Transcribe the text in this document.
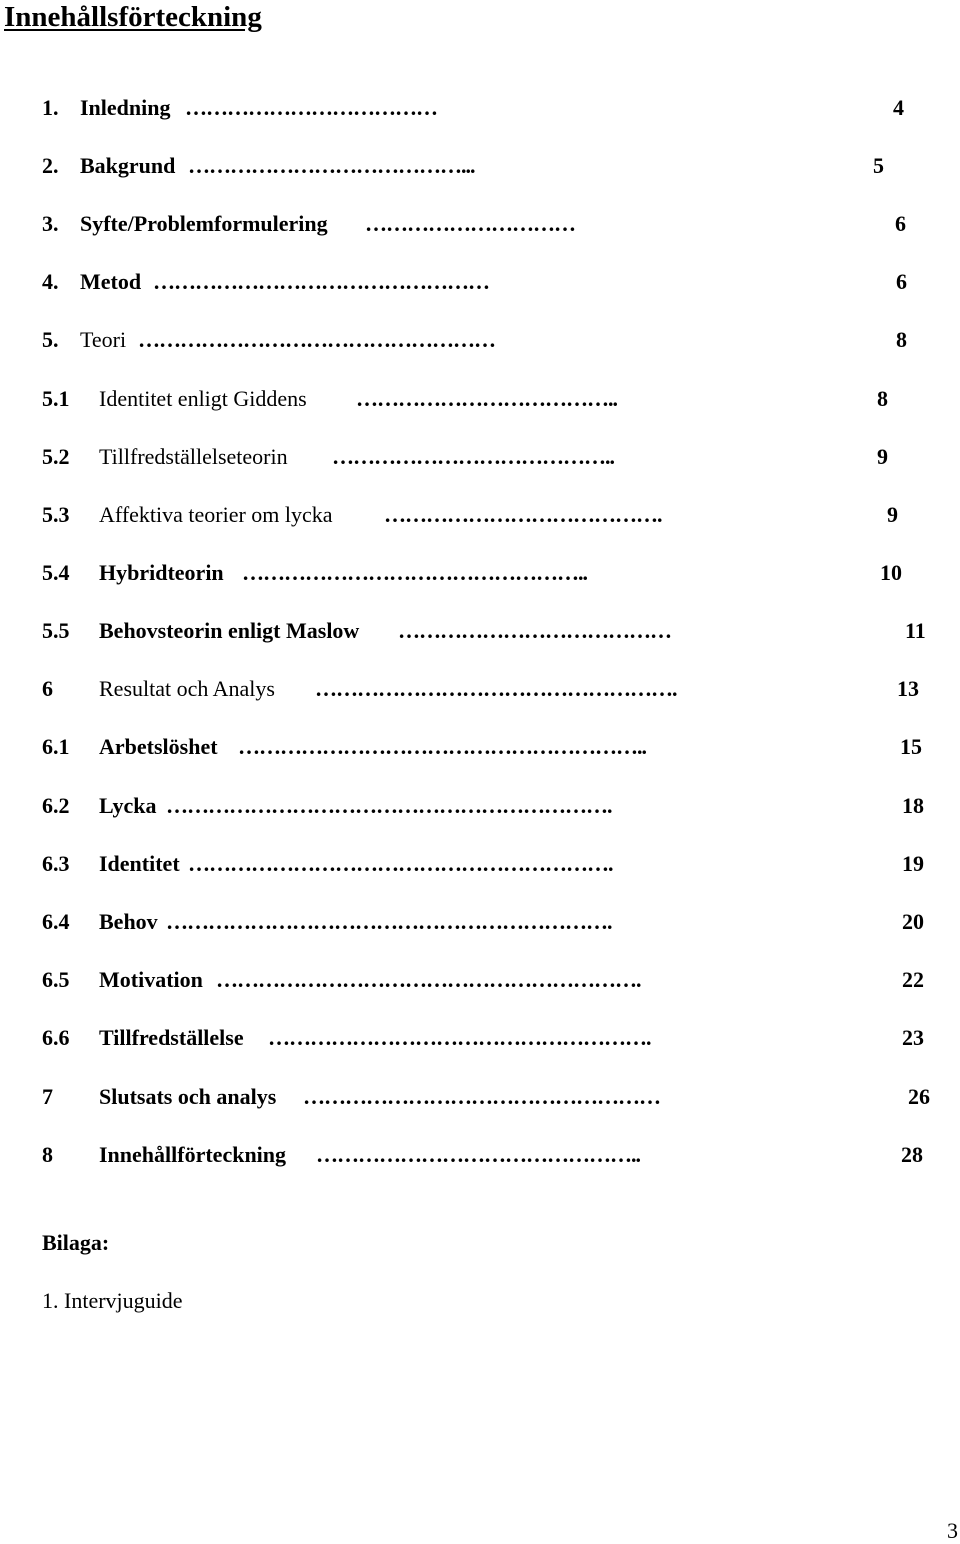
Innehållsförteckning
1. Inledning ………………………………	4
2. Bakgrund …………………………………...	5
3. Syfte/Problemformulering …………………………	6
4. Metod …………………………………………	6
5. Teori ……………………………………………	8
5.1 Identitet enligt Giddens ………………………………..	8
5.2 Tillfredställelseteorin …………………………………..	9
5.3 Affektiva teorier om lycka ………………………………….	9
5.4 Hybridteorin …………………………………………..	10
5.5 Behovsteorin enligt Maslow …………………………………	11
6 Resultat och Analys …………………………………………….	13
6.1 Arbetslöshet …………………………………………………..	15
6.2 Lycka ……………………………………………………….	18
6.3 Identitet …………………………………………………….	19
6.4 Behov ……………………………………………………….	20
6.5 Motivation …………………………………………………….	22
6.6 Tillfredställelse ……………………………………………….	23
7 Slutsats och analys ……………………………………………	26
8 Innehållförteckning ………………………………………..	28
Bilaga:
1. Intervjuguide
3
